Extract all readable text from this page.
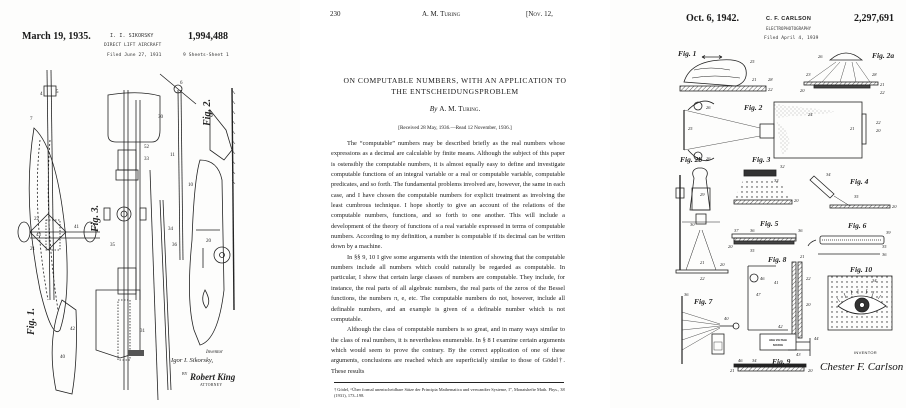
March 19, 1935.	I. I. SIKORSKY	1,994,488
DIRECT LIFT AIRCRAFT
Filed June 27, 1931	9 Sheets-Sheet 1
4	5
6
7
10
11
20
21
22
30
31
33
34
35	36
40
41
42
43
52
Fig. 1.
Fig. 2.
Fig. 3.
Inventor
Igor I. Sikorsky,
BY Robert King
ATTORNEY
230	A. M. Turing	[Nov. 12,
ON COMPUTABLE NUMBERS, WITH AN APPLICATION TO
THE ENTSCHEIDUNGSPROBLEM
By A. M. Turing.
[Received 28 May, 1936.—Read 12 November, 1936.]

The “computable” numbers may be described briefly as the real numbers whose expressions as a decimal are calculable by finite means. Although the subject of this paper is ostensibly the computable numbers, it is almost equally easy to define and investigate computable functions of an integral variable or a real or computable variable, computable predicates, and so forth. The fundamental problems involved are, however, the same in each case, and I have chosen the computable numbers for explicit treatment as involving the least cumbrous technique. I hope shortly to give an account of the relations of the computable numbers, functions, and so forth to one another. This will include a development of the theory of functions of a real variable expressed in terms of computable numbers. According to my definition, a number is computable if its decimal can be written down by a machine.

In §§ 9, 10 I give some arguments with the intention of showing that the computable numbers include all numbers which could naturally be regarded as computable. In particular, I show that certain large classes of numbers are computable. They include, for instance, the real parts of all algebraic numbers, the real parts of the zeros of the Bessel functions, the numbers π, e, etc. The computable numbers do not, however, include all definable numbers, and an example is given of a definable number which is not computable.

Although the class of computable numbers is so great, and in many ways similar to the class of real numbers, it is nevertheless enumerable. In § 8 I examine certain arguments which would seem to prove the contrary. By the correct application of one of these arguments, conclusions are reached which are superficially similar to those of Gödel†. These results

† Gödel, “Über formal unentscheidbare Sätze der Principia Mathematica und verwandter Systeme, I”, Monatshefte Math. Phys., 38 (1931), 173–198.
Oct. 6, 1942.	C. F. CARLSON	2,297,691
ELECTROPHOTOGRAPHY
Filed April 4, 1939
HIGH VOLTAGE
SOURCE
25
21	28
22	20
23	28
21
22
26
26
26
25
24
21
22
20
32
33
34
20
20
35
29
30
21	20
22
37	36	36
35
20
39
35
36
46
47
41
21
22
20
42
44
43
36
40
46 34
21	20
34
Fig. 1	Fig. 2a
Fig. 2
Fig. 2b	Fig. 3
Fig. 4
Fig. 5	Fig. 6
Fig. 7
Fig. 8
Fig. 9
Fig. 10
INVENTOR
Chester F. Carlson
